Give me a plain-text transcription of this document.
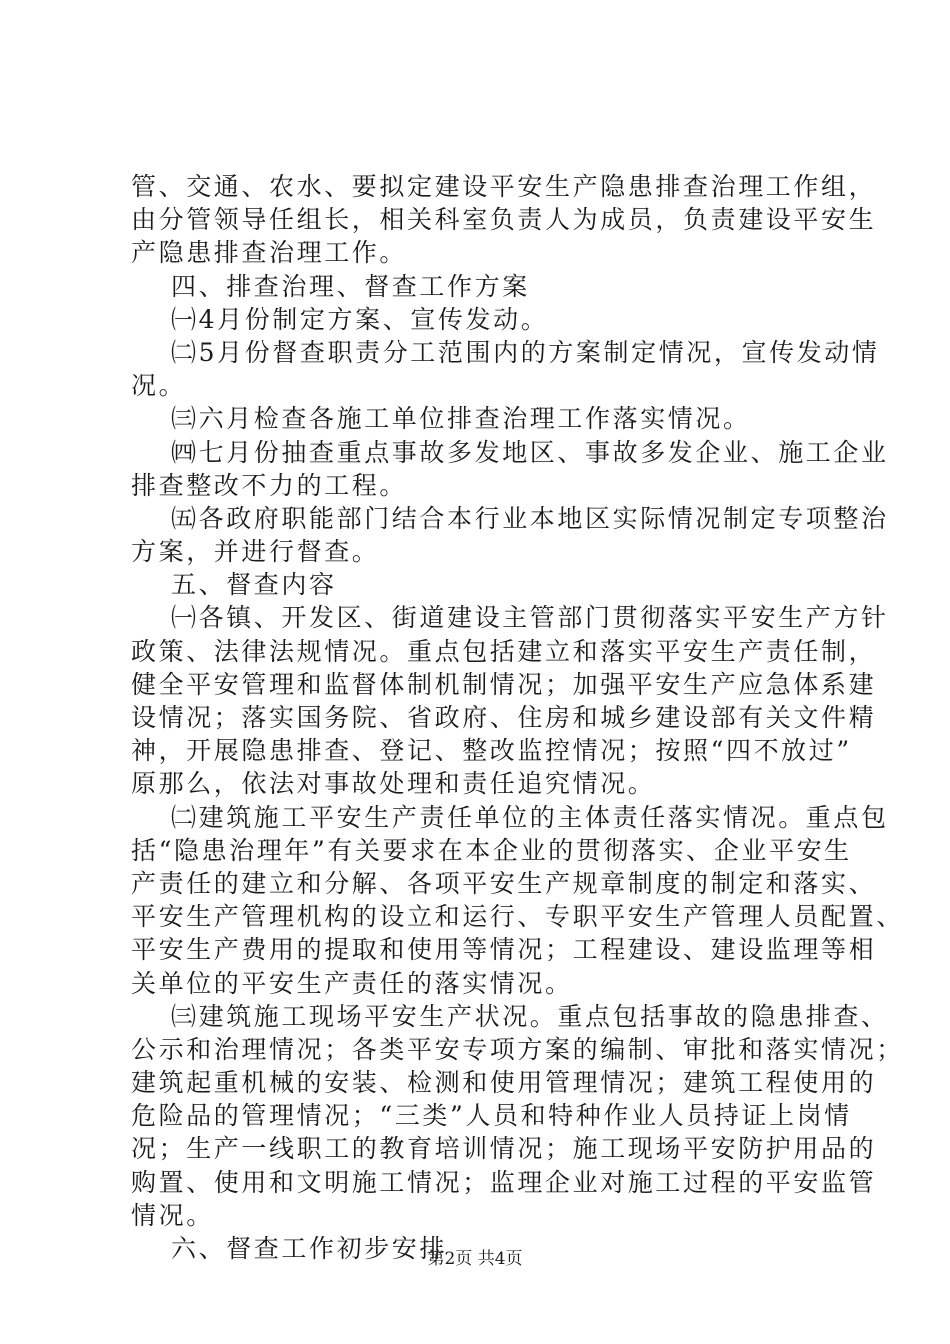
管、交通、农水、要拟定建设平安生产隐患排查治理工作组，
由分管领导任组长，相关科室负责人为成员，负责建设平安生
产隐患排查治理工作。
四、排查治理、督查工作方案
㈠4月份制定方案、宣传发动。
㈡5月份督查职责分工范围内的方案制定情况，宣传发动情
况。
㈢六月检查各施工单位排查治理工作落实情况。
㈣七月份抽查重点事故多发地区、事故多发企业、施工企业
排查整改不力的工程。
㈤各政府职能部门结合本行业本地区实际情况制定专项整治
方案，并进行督查。
五、督查内容
㈠各镇、开发区、街道建设主管部门贯彻落实平安生产方针
政策、法律法规情况。重点包括建立和落实平安生产责任制，
健全平安管理和监督体制机制情况；加强平安生产应急体系建
设情况；落实国务院、省政府、住房和城乡建设部有关文件精
神，开展隐患排查、登记、整改监控情况；按照“四不放过”
原那么，依法对事故处理和责任追究情况。
㈡建筑施工平安生产责任单位的主体责任落实情况。重点包
括“隐患治理年”有关要求在本企业的贯彻落实、企业平安生
产责任的建立和分解、各项平安生产规章制度的制定和落实、
平安生产管理机构的设立和运行、专职平安生产管理人员配置、
平安生产费用的提取和使用等情况；工程建设、建设监理等相
关单位的平安生产责任的落实情况。
㈢建筑施工现场平安生产状况。重点包括事故的隐患排查、
公示和治理情况；各类平安专项方案的编制、审批和落实情况；
建筑起重机械的安装、检测和使用管理情况；建筑工程使用的
危险品的管理情况；“三类”人员和特种作业人员持证上岗情
况；生产一线职工的教育培训情况；施工现场平安防护用品的
购置、使用和文明施工情况；监理企业对施工过程的平安监管
情况。
六、督查工作初步安排
第2页 共4页
